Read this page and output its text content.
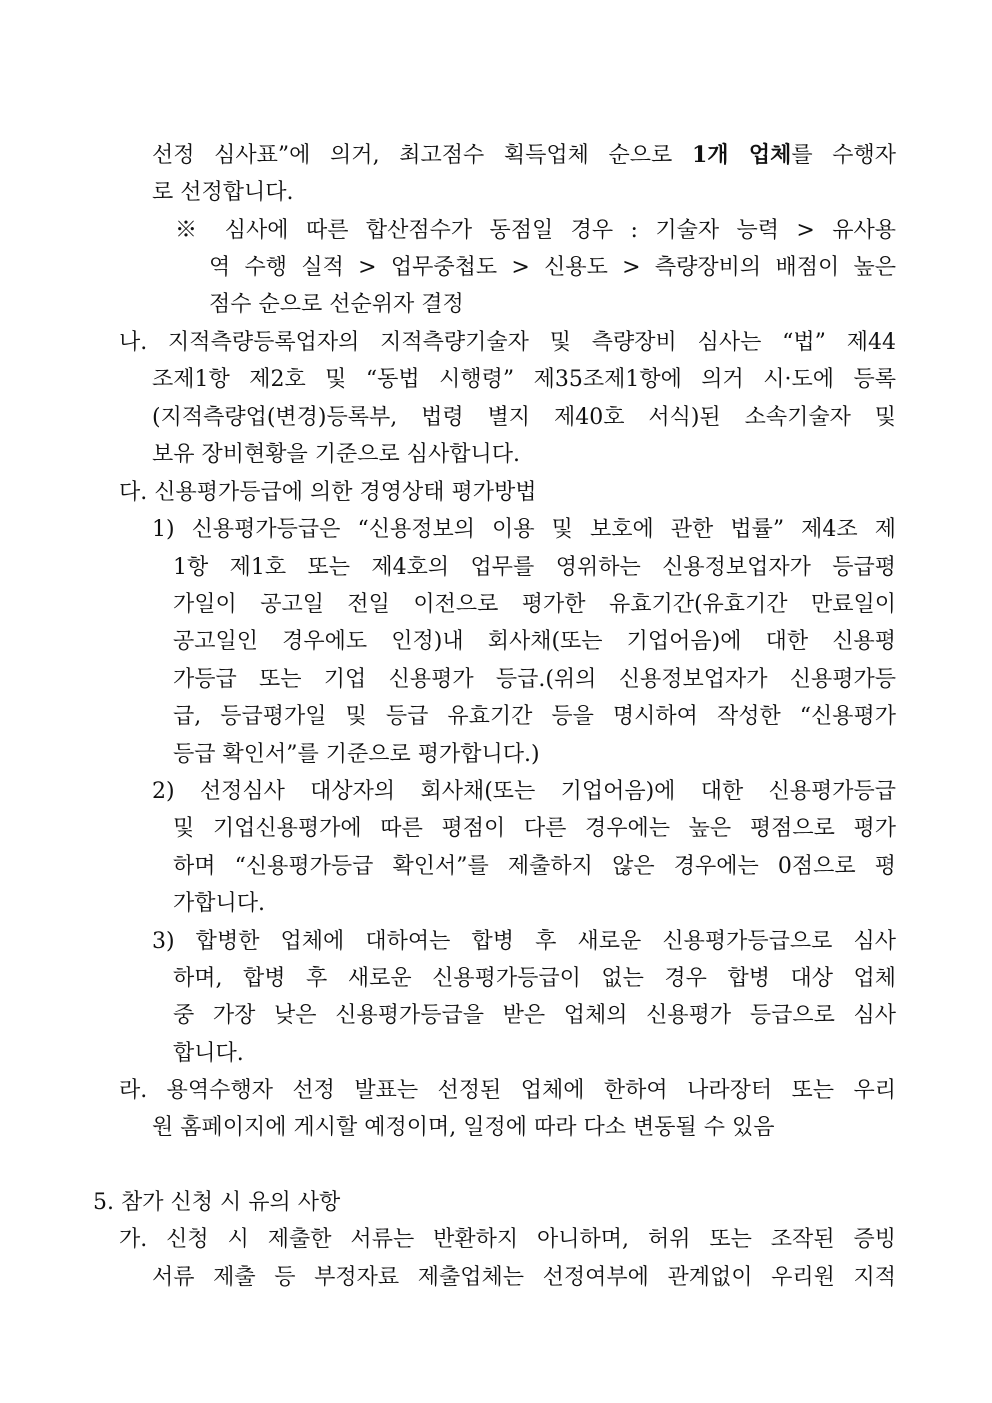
선정 심사표”에 의거, 최고점수 획득업체 순으로 1개 업체를 수행자
로 선정합니다.
※ 심사에 따른 합산점수가 동점일 경우 : 기술자 능력 > 유사용
역 수행 실적 > 업무중첩도 > 신용도 > 측량장비의 배점이 높은
점수 순으로 선순위자 결정
나. 지적측량등록업자의 지적측량기술자 및 측량장비 심사는 “법” 제44
조제1항 제2호 및 “동법 시행령” 제35조제1항에 의거 시·도에 등록
(지적측량업(변경)등록부, 법령 별지 제40호 서식)된 소속기술자 및
보유 장비현황을 기준으로 심사합니다.
다. 신용평가등급에 의한 경영상태 평가방법
1) 신용평가등급은 “신용정보의 이용 및 보호에 관한 법률” 제4조 제
1항 제1호 또는 제4호의 업무를 영위하는 신용정보업자가 등급평
가일이 공고일 전일 이전으로 평가한 유효기간(유효기간 만료일이
공고일인 경우에도 인정)내 회사채(또는 기업어음)에 대한 신용평
가등급 또는 기업 신용평가 등급.(위의 신용정보업자가 신용평가등
급, 등급평가일 및 등급 유효기간 등을 명시하여 작성한 “신용평가
등급 확인서”를 기준으로 평가합니다.)
2) 선정심사 대상자의 회사채(또는 기업어음)에 대한 신용평가등급
및 기업신용평가에 따른 평점이 다른 경우에는 높은 평점으로 평가
하며 “신용평가등급 확인서”를 제출하지 않은 경우에는 0점으로 평
가합니다.
3) 합병한 업체에 대하여는 합병 후 새로운 신용평가등급으로 심사
하며, 합병 후 새로운 신용평가등급이 없는 경우 합병 대상 업체
중 가장 낮은 신용평가등급을 받은 업체의 신용평가 등급으로 심사
합니다.
라. 용역수행자 선정 발표는 선정된 업체에 한하여 나라장터 또는 우리
원 홈페이지에 게시할 예정이며, 일정에 따라 다소 변동될 수 있음
5. 참가 신청 시 유의 사항
가. 신청 시 제출한 서류는 반환하지 아니하며, 허위 또는 조작된 증빙
서류 제출 등 부정자료 제출업체는 선정여부에 관계없이 우리원 지적
